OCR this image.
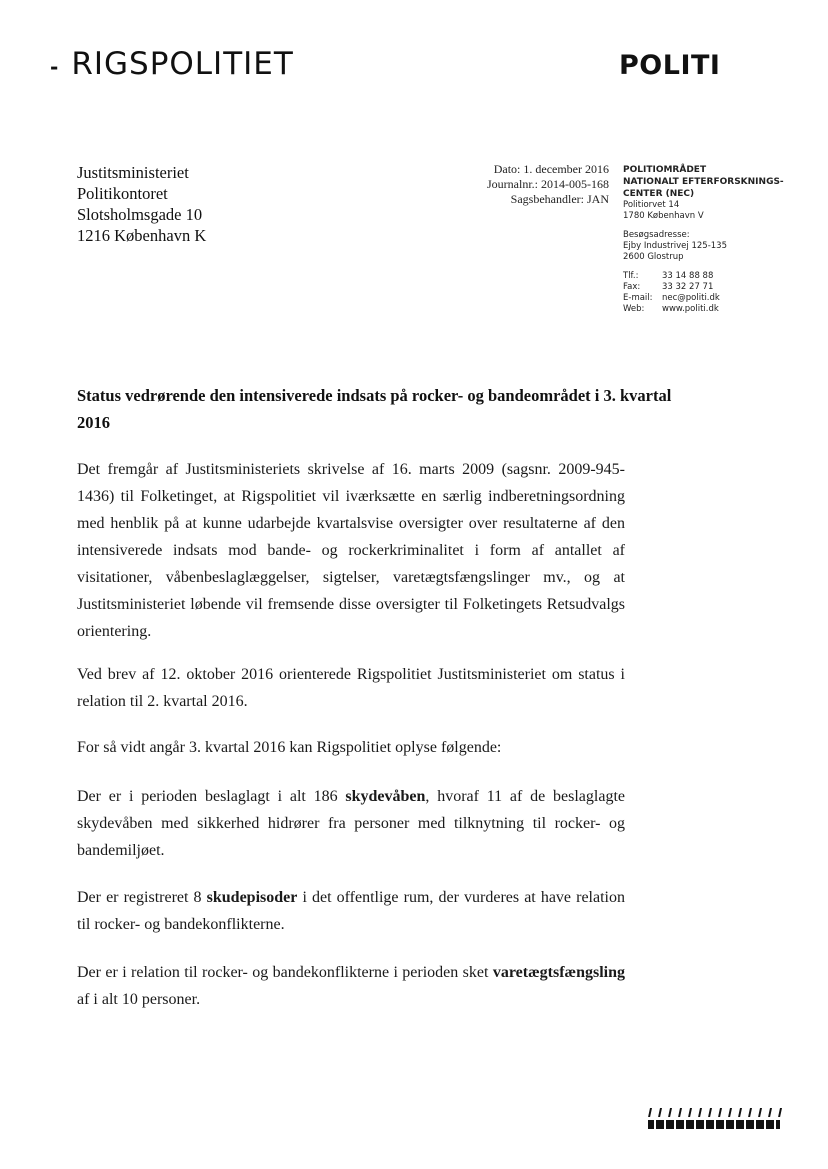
- RIGSPOLITIET	POLITI
Justitsministeriet
Politikontoret
Slotsholmsgade 10
1216 København K
Dato: 1. december 2016
Journalnr.: 2014-005-168
Sagsbehandler: JAN
POLITIOMRÅDET
NATIONALT EFTERFORSKNINGS-
CENTER (NEC)
Politiorvet 14
1780 København V
Besøgsadresse:
Ejby Industrivej 125-135
2600 Glostrup
Tlf.:	33 14 88 88
Fax:	33 32 27 71
E-mail:	nec@politi.dk
Web:	www.politi.dk
Status vedrørende den intensiverede indsats på rocker- og bandeområdet i 3. kvartal 2016

Det fremgår af Justitsministeriets skrivelse af 16. marts 2009 (sagsnr. 2009-945-1436) til Folketinget, at Rigspolitiet vil iværksætte en særlig indberetningsordning med henblik på at kunne udarbejde kvartalsvise oversigter over resultaterne af den intensiverede indsats mod bande- og rockerkriminalitet i form af antallet af visitationer, våbenbeslaglæggelser, sigtelser, varetægtsfængslinger mv., og at Justitsministeriet løbende vil fremsende disse oversigter til Folketingets Retsudvalgs orientering.

Ved brev af 12. oktober 2016 orienterede Rigspolitiet Justitsministeriet om status i relation til 2. kvartal 2016.

For så vidt angår 3. kvartal 2016 kan Rigspolitiet oplyse følgende:

Der er i perioden beslaglagt i alt 186 skydevåben, hvoraf 11 af de beslaglagte skydevåben med sikkerhed hidrører fra personer med tilknytning til rocker- og bandemiljøet.

Der er registreret 8 skudepisoder i det offentlige rum, der vurderes at have relation til rocker- og bandekonflikterne.

Der er i relation til rocker- og bandekonflikterne i perioden sket varetægtsfængsling af i alt 10 personer.
